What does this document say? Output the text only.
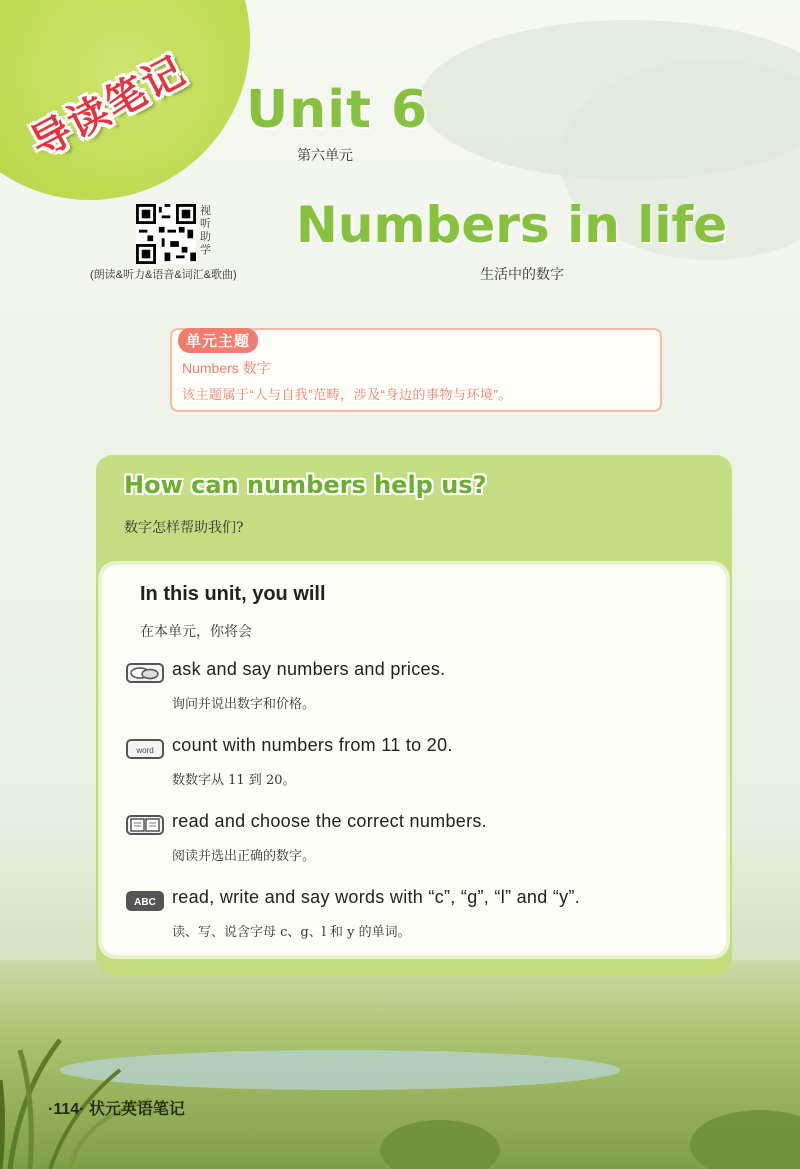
导读笔记 Unit 6
第六单元
视听助学
(朗读&听力&语音&词汇&歌曲)
Numbers in life
生活中的数字
单元主题
Numbers 数字
该主题属于“人与自我”范畴，涉及“身边的事物与环境”。
How can numbers help us?
数字怎样帮助我们?
In this unit, you will
在本单元，你将会
ask and say numbers and prices.
询问并说出数字和价格。
word	count with numbers from 11 to 20.
数数字从 11 到 20。
read and choose the correct numbers.
阅读并选出正确的数字。
ABC read, write and say words with “c”, “g”, “l” and “y”.
读、写、说含字母 c、g、l 和 y 的单词。
·114· 状元英语笔记
